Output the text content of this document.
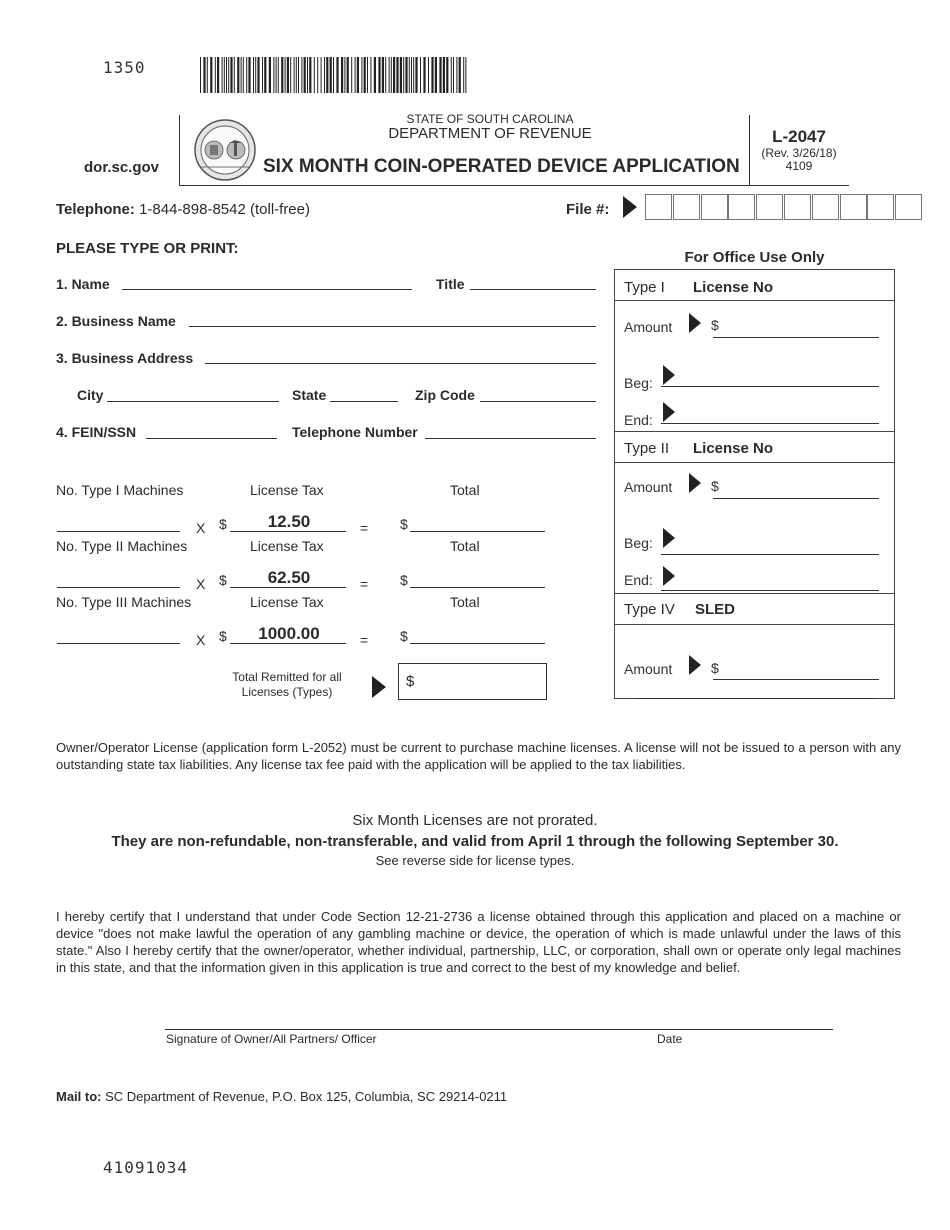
1350
dor.sc.gov
STATE OF SOUTH CAROLINA
DEPARTMENT OF REVENUE
SIX MONTH COIN-OPERATED DEVICE APPLICATION
L-2047
(Rev. 3/26/18)
4109
Telephone: 1-844-898-8542 (toll-free)	File #:
PLEASE TYPE OR PRINT:
1. Name	Title
2. Business Name
3. Business Address
City	State	Zip Code
4. FEIN/SSN	Telephone Number
No. Type I Machines	License Tax	Total
X $	12.50	= $
No. Type II Machines	License Tax	Total
X $	62.50	= $
No. Type III Machines	License Tax	Total
X $	1000.00	= $
Total Remitted for all
Licenses (Types)
$
For Office Use Only
Type I License No
Amount	$
Beg:
End:
Type II License No
Amount	$
Beg:
End:
Type IV SLED
Amount	$
Owner/Operator License (application form L-2052) must be current to purchase machine licenses. A license will not be issued to a person with any outstanding state tax liabilities. Any license tax fee paid with the application will be applied to the tax liabilities.
Six Month Licenses are not prorated.
They are non-refundable, non-transferable, and valid from April 1 through the following September 30.
See reverse side for license types.
I hereby certify that I understand that under Code Section 12-21-2736 a license obtained through this application and placed on a machine or device "does not make lawful the operation of any gambling machine or device, the operation of which is made unlawful under the laws of this state." Also I hereby certify that the owner/operator, whether individual, partnership, LLC, or corporation, shall own or operate only legal machines in this state, and that the information given in this application is true and correct to the best of my knowledge and belief.
Signature of Owner/All Partners/ Officer	Date
Mail to: SC Department of Revenue, P.O. Box 125, Columbia, SC 29214-0211
41091034
